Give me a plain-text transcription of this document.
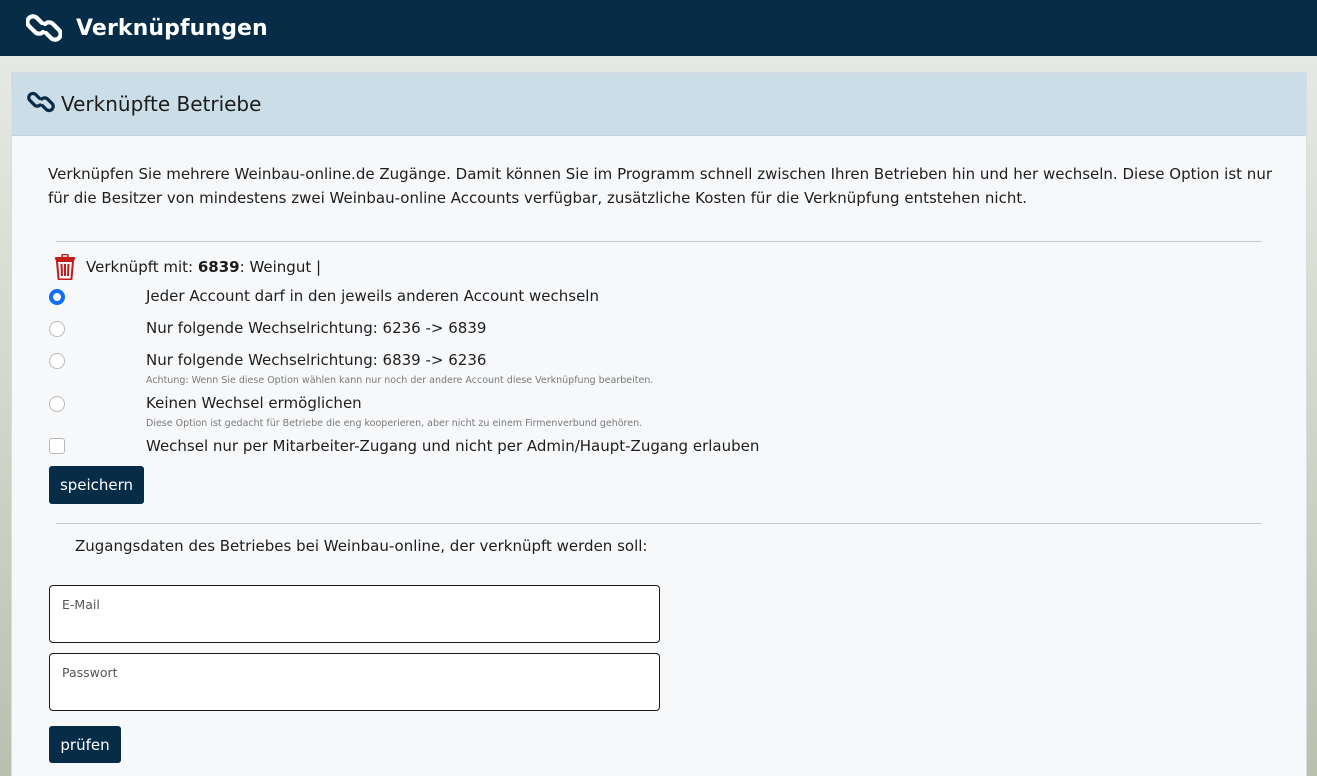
Verknüpfungen
Verknüpfte Betriebe

Verknüpfen Sie mehrere Weinbau-online.de Zugänge. Damit können Sie im Programm schnell zwischen Ihren Betrieben hin und her wechseln. Diese Option ist nur für die Besitzer von mindestens zwei Weinbau-online Accounts verfügbar, zusätzliche Kosten für die Verknüpfung entstehen nicht.

Verknüpft mit: 6839: Weingut |
Jeder Account darf in den jeweils anderen Account wechseln
Nur folgende Wechselrichtung: 6236 -> 6839
Nur folgende Wechselrichtung: 6839 -> 6236
Achtung: Wenn Sie diese Option wählen kann nur noch der andere Account diese Verknüpfung bearbeiten.
Keinen Wechsel ermöglichen
Diese Option ist gedacht für Betriebe die eng kooperieren, aber nicht zu einem Firmenverbund gehören.
Wechsel nur per Mitarbeiter-Zugang und nicht per Admin/Haupt-Zugang erlauben
speichern
Zugangsdaten des Betriebes bei Weinbau-online, der verknüpft werden soll:
E-Mail
Passwort
prüfen
